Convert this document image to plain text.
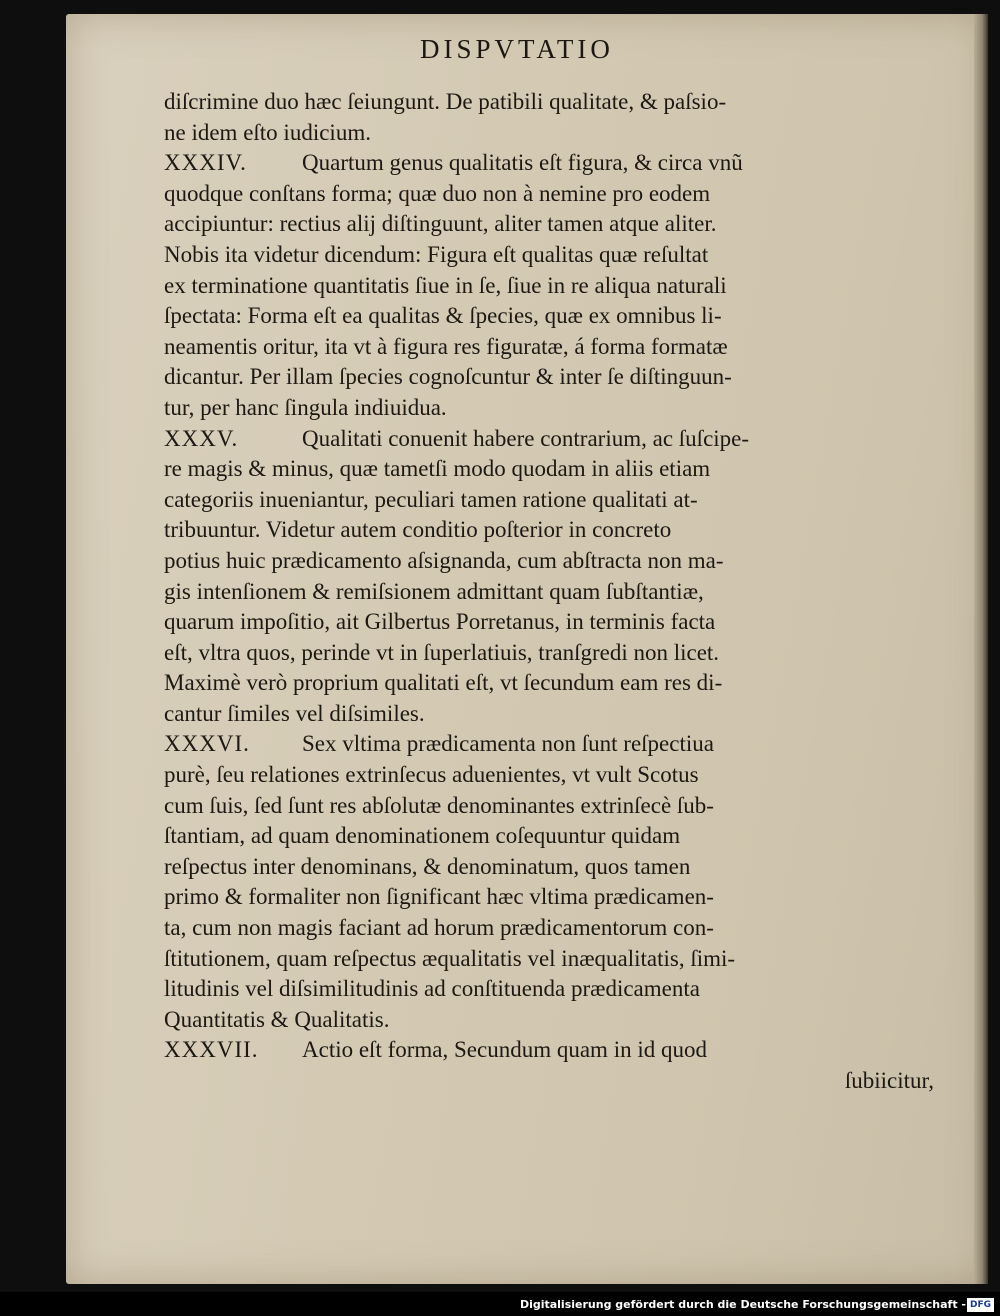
DISPVTATIO
diſcrimine duo hæc ſeiungunt. De patibili qualitate, & paſsio-
ne idem eſto iudicium.
XXXIV. Quartum genus qualitatis eſt figura, & circa vnũ
quodque conſtans forma; quæ duo non à nemine pro eodem
accipiuntur: rectius alij diſtinguunt, aliter tamen atque aliter.
Nobis ita videtur dicendum: Figura eſt qualitas quæ reſultat
ex terminatione quantitatis ſiue in ſe, ſiue in re aliqua naturali
ſpectata: Forma eſt ea qualitas & ſpecies, quæ ex omnibus li-
neamentis oritur, ita vt à figura res figuratæ, á forma formatæ
dicantur. Per illam ſpecies cognoſcuntur & inter ſe diſtinguun-
tur, per hanc ſingula indiuidua.
XXXV.	Qualitati conuenit habere contrarium, ac ſuſcipe-
re magis & minus, quæ tametſi modo quodam in aliis etiam
categoriis inueniantur, peculiari tamen ratione qualitati at-
tribuuntur. Videtur autem conditio poſterior in concreto
potius huic prædicamento aſsignanda, cum abſtracta non ma-
gis intenſionem & remiſsionem admittant quam ſubſtantiæ,
quarum impoſitio, ait Gilbertus Porretanus, in terminis facta
eſt, vltra quos, perinde vt in ſuperlatiuis, tranſgredi non licet.
Maximè verò proprium qualitati eſt, vt ſecundum eam res di-
cantur ſimiles vel diſsimiles.
XXXVI. Sex vltima prædicamenta non ſunt reſpectiua
purè, ſeu relationes extrinſecus aduenientes, vt vult Scotus
cum ſuis, ſed ſunt res abſolutæ denominantes extrinſecè ſub-
ſtantiam, ad quam denominationem coſequuntur quidam
reſpectus inter denominans, & denominatum, quos tamen
primo & formaliter non ſignificant hæc vltima prædicamen-
ta, cum non magis faciant ad horum prædicamentorum con-
ſtitutionem, quam reſpectus æqualitatis vel inæqualitatis, ſimi-
litudinis vel diſsimilitudinis ad conſtituenda prædicamenta
Quantitatis & Qualitatis.
XXXVII. Actio eſt forma, Secundum quam in id quod
ſubiicitur,
Digitalisierung gefördert durch die Deutsche Forschungsgemeinschaft - DFG
